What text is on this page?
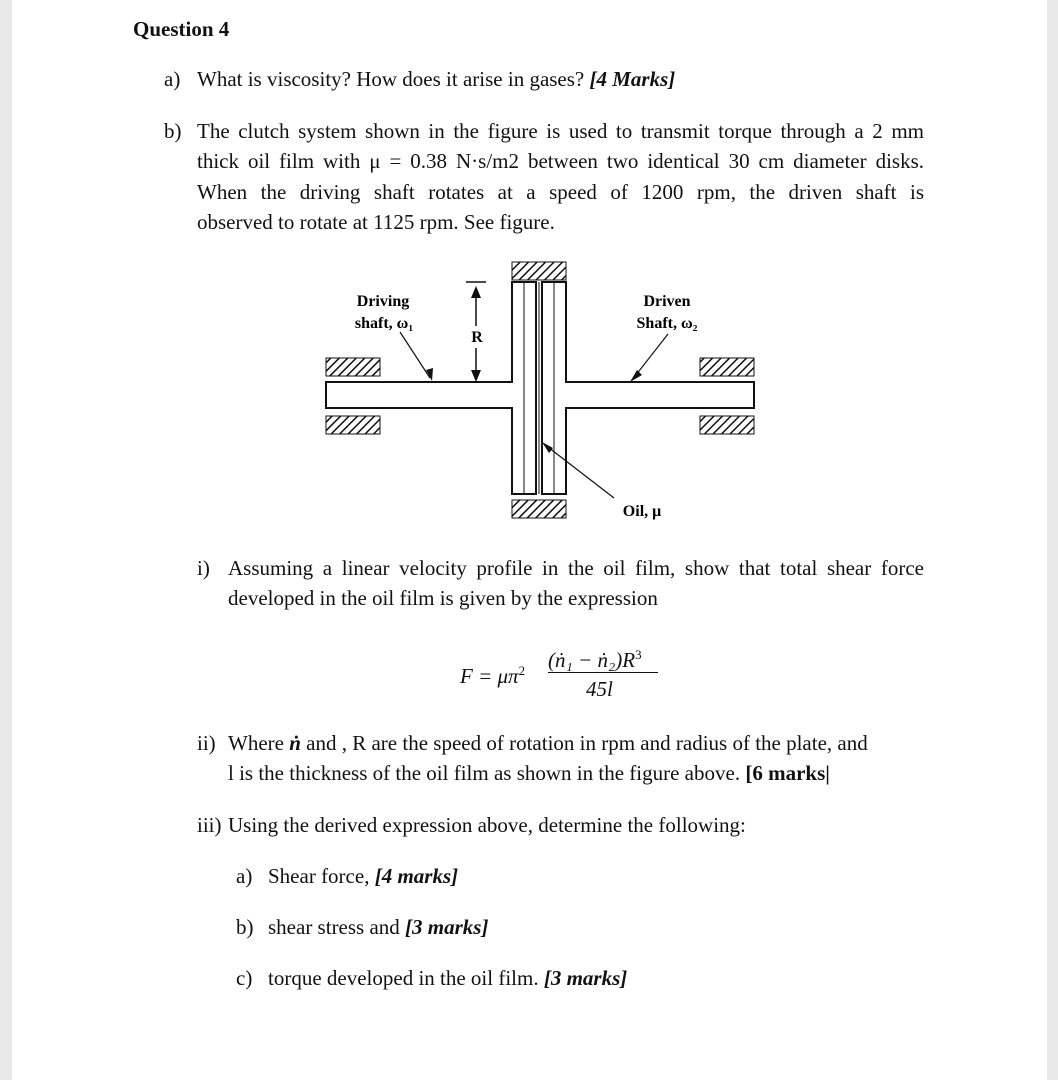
Question 4
a) What is viscosity? How does it arise in gases? [4 Marks]
b) The clutch system shown in the figure is used to transmit torque through a 2 mm
thick oil film with μ = 0.38 N·s/m2 between two identical 30 cm diameter disks.
When the driving shaft rotates at a speed of 1200 rpm, the driven shaft is
observed to rotate at 1125 rpm. See figure.
R
Driving
shaft, ω₁
Driven
Shaft, ω₂
Oil, μ
i) Assuming a linear velocity profile in the oil film, show that total shear force
developed in the oil film is given by the expression
$F = \mu\pi^2$ (ṅ₁ − $ṅ_2)R^3$
45l
ii) Where ṅ and , R are the speed of rotation in rpm and radius of the plate, and
l is the thickness of the oil film as shown in the figure above. [6 marks|
iii) Using the derived expression above, determine the following:
a) Shear force, [4 marks]
b) shear stress and [3 marks]
c) torque developed in the oil film. [3 marks]
